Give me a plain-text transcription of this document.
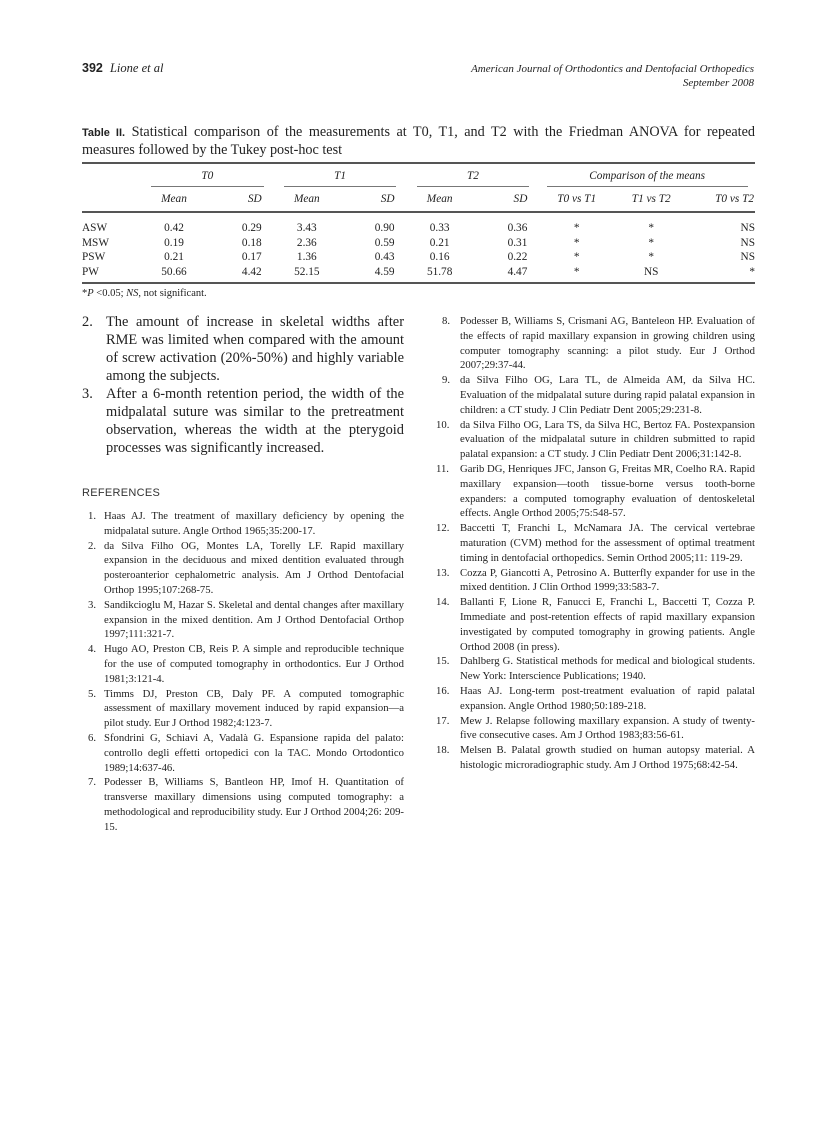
392 Lione et al	American Journal of Orthodontics and Dentofacial Orthopedics
September 2008
Table II. Statistical comparison of the measurements at T0, T1, and T2 with the Friedman ANOVA for repeated measures followed by the Tukey post-hoc test
	T0		T1		T2		Comparison of the means		
	Mean	SD	Mean	SD	Mean	SD	T0 vs T1	T1 vs T2	T0 vs T2
ASW	0.42	0.29	3.43	0.90	0.33	0.36	*	*	NS
MSW	0.19	0.18	2.36	0.59	0.21	0.31	*	*	NS
PSW	0.21	0.17	1.36	0.43	0.16	0.22	*	*	NS
PW	50.66	4.42	52.15	4.59	51.78	4.47	*	NS	*
*P <0.05; NS, not significant.
2. The amount of increase in skeletal widths after RME was limited when compared with the amount of screw activation (20%-50%) and highly variable among the subjects.
3. After a 6-month retention period, the width of the midpalatal suture was similar to the pretreatment observation, whereas the width at the pterygoid processes was significantly increased.
REFERENCES
1. Haas AJ. The treatment of maxillary deficiency by opening the midpalatal suture. Angle Orthod 1965;35:200-17.
2. da Silva Filho OG, Montes LA, Torelly LF. Rapid maxillary expansion in the deciduous and mixed dentition evaluated through posteroanterior cephalometric analysis. Am J Orthod Dentofacial Orthop 1995;107:268-75.
3. Sandikcioglu M, Hazar S. Skeletal and dental changes after maxillary expansion in the mixed dentition. Am J Orthod Dentofacial Orthop 1997;111:321-7.
4. Hugo AO, Preston CB, Reis P. A simple and reproducible technique for the use of computed tomography in orthodontics. Eur J Orthod 1981;3:121-4.
5. Timms DJ, Preston CB, Daly PF. A computed tomographic assessment of maxillary movement induced by rapid expansion—a pilot study. Eur J Orthod 1982;4:123-7.
6. Sfondrini G, Schiavi A, Vadalà G. Espansione rapida del palato: controllo degli effetti ortopedici con la TAC. Mondo Ortodontico 1989;14:637-46.
7. Podesser B, Williams S, Bantleon HP, Imof H. Quantitation of transverse maxillary dimensions using computed tomography: a methodological and reproducibility study. Eur J Orthod 2004;26: 209-15.
8. Podesser B, Williams S, Crismani AG, Banteleon HP. Evaluation of the effects of rapid maxillary expansion in growing children using computer tomography scanning: a pilot study. Eur J Orthod 2007;29:37-44.
9. da Silva Filho OG, Lara TL, de Almeida AM, da Silva HC. Evaluation of the midpalatal suture during rapid palatal expansion in children: a CT study. J Clin Pediatr Dent 2005;29:231-8.
10. da Silva Filho OG, Lara TS, da Silva HC, Bertoz FA. Postexpansion evaluation of the midpalatal suture in children submitted to rapid palatal expansion: a CT study. J Clin Pediatr Dent 2006;31:142-8.
11. Garib DG, Henriques JFC, Janson G, Freitas MR, Coelho RA. Rapid maxillary expansion—tooth tissue-borne versus tooth-borne expanders: a computed tomography evaluation of dentoskeletal effects. Angle Orthod 2005;75:548-57.
12. Baccetti T, Franchi L, McNamara JA. The cervical vertebrae maturation (CVM) method for the assessment of optimal treatment timing in dentofacial orthopedics. Semin Orthod 2005;11: 119-29.
13. Cozza P, Giancotti A, Petrosino A. Butterfly expander for use in the mixed dentition. J Clin Orthod 1999;33:583-7.
14. Ballanti F, Lione R, Fanucci E, Franchi L, Baccetti T, Cozza P. Immediate and post-retention effects of rapid maxillary expansion investigated by computed tomography in growing patients. Angle Orthod 2008 (in press).
15. Dahlberg G. Statistical methods for medical and biological students. New York: Interscience Publications; 1940.
16. Haas AJ. Long-term post-treatment evaluation of rapid palatal expansion. Angle Orthod 1980;50:189-218.
17. Mew J. Relapse following maxillary expansion. A study of twenty-five consecutive cases. Am J Orthod 1983;83:56-61.
18. Melsen B. Palatal growth studied on human autopsy material. A histologic microradiographic study. Am J Orthod 1975;68:42-54.
